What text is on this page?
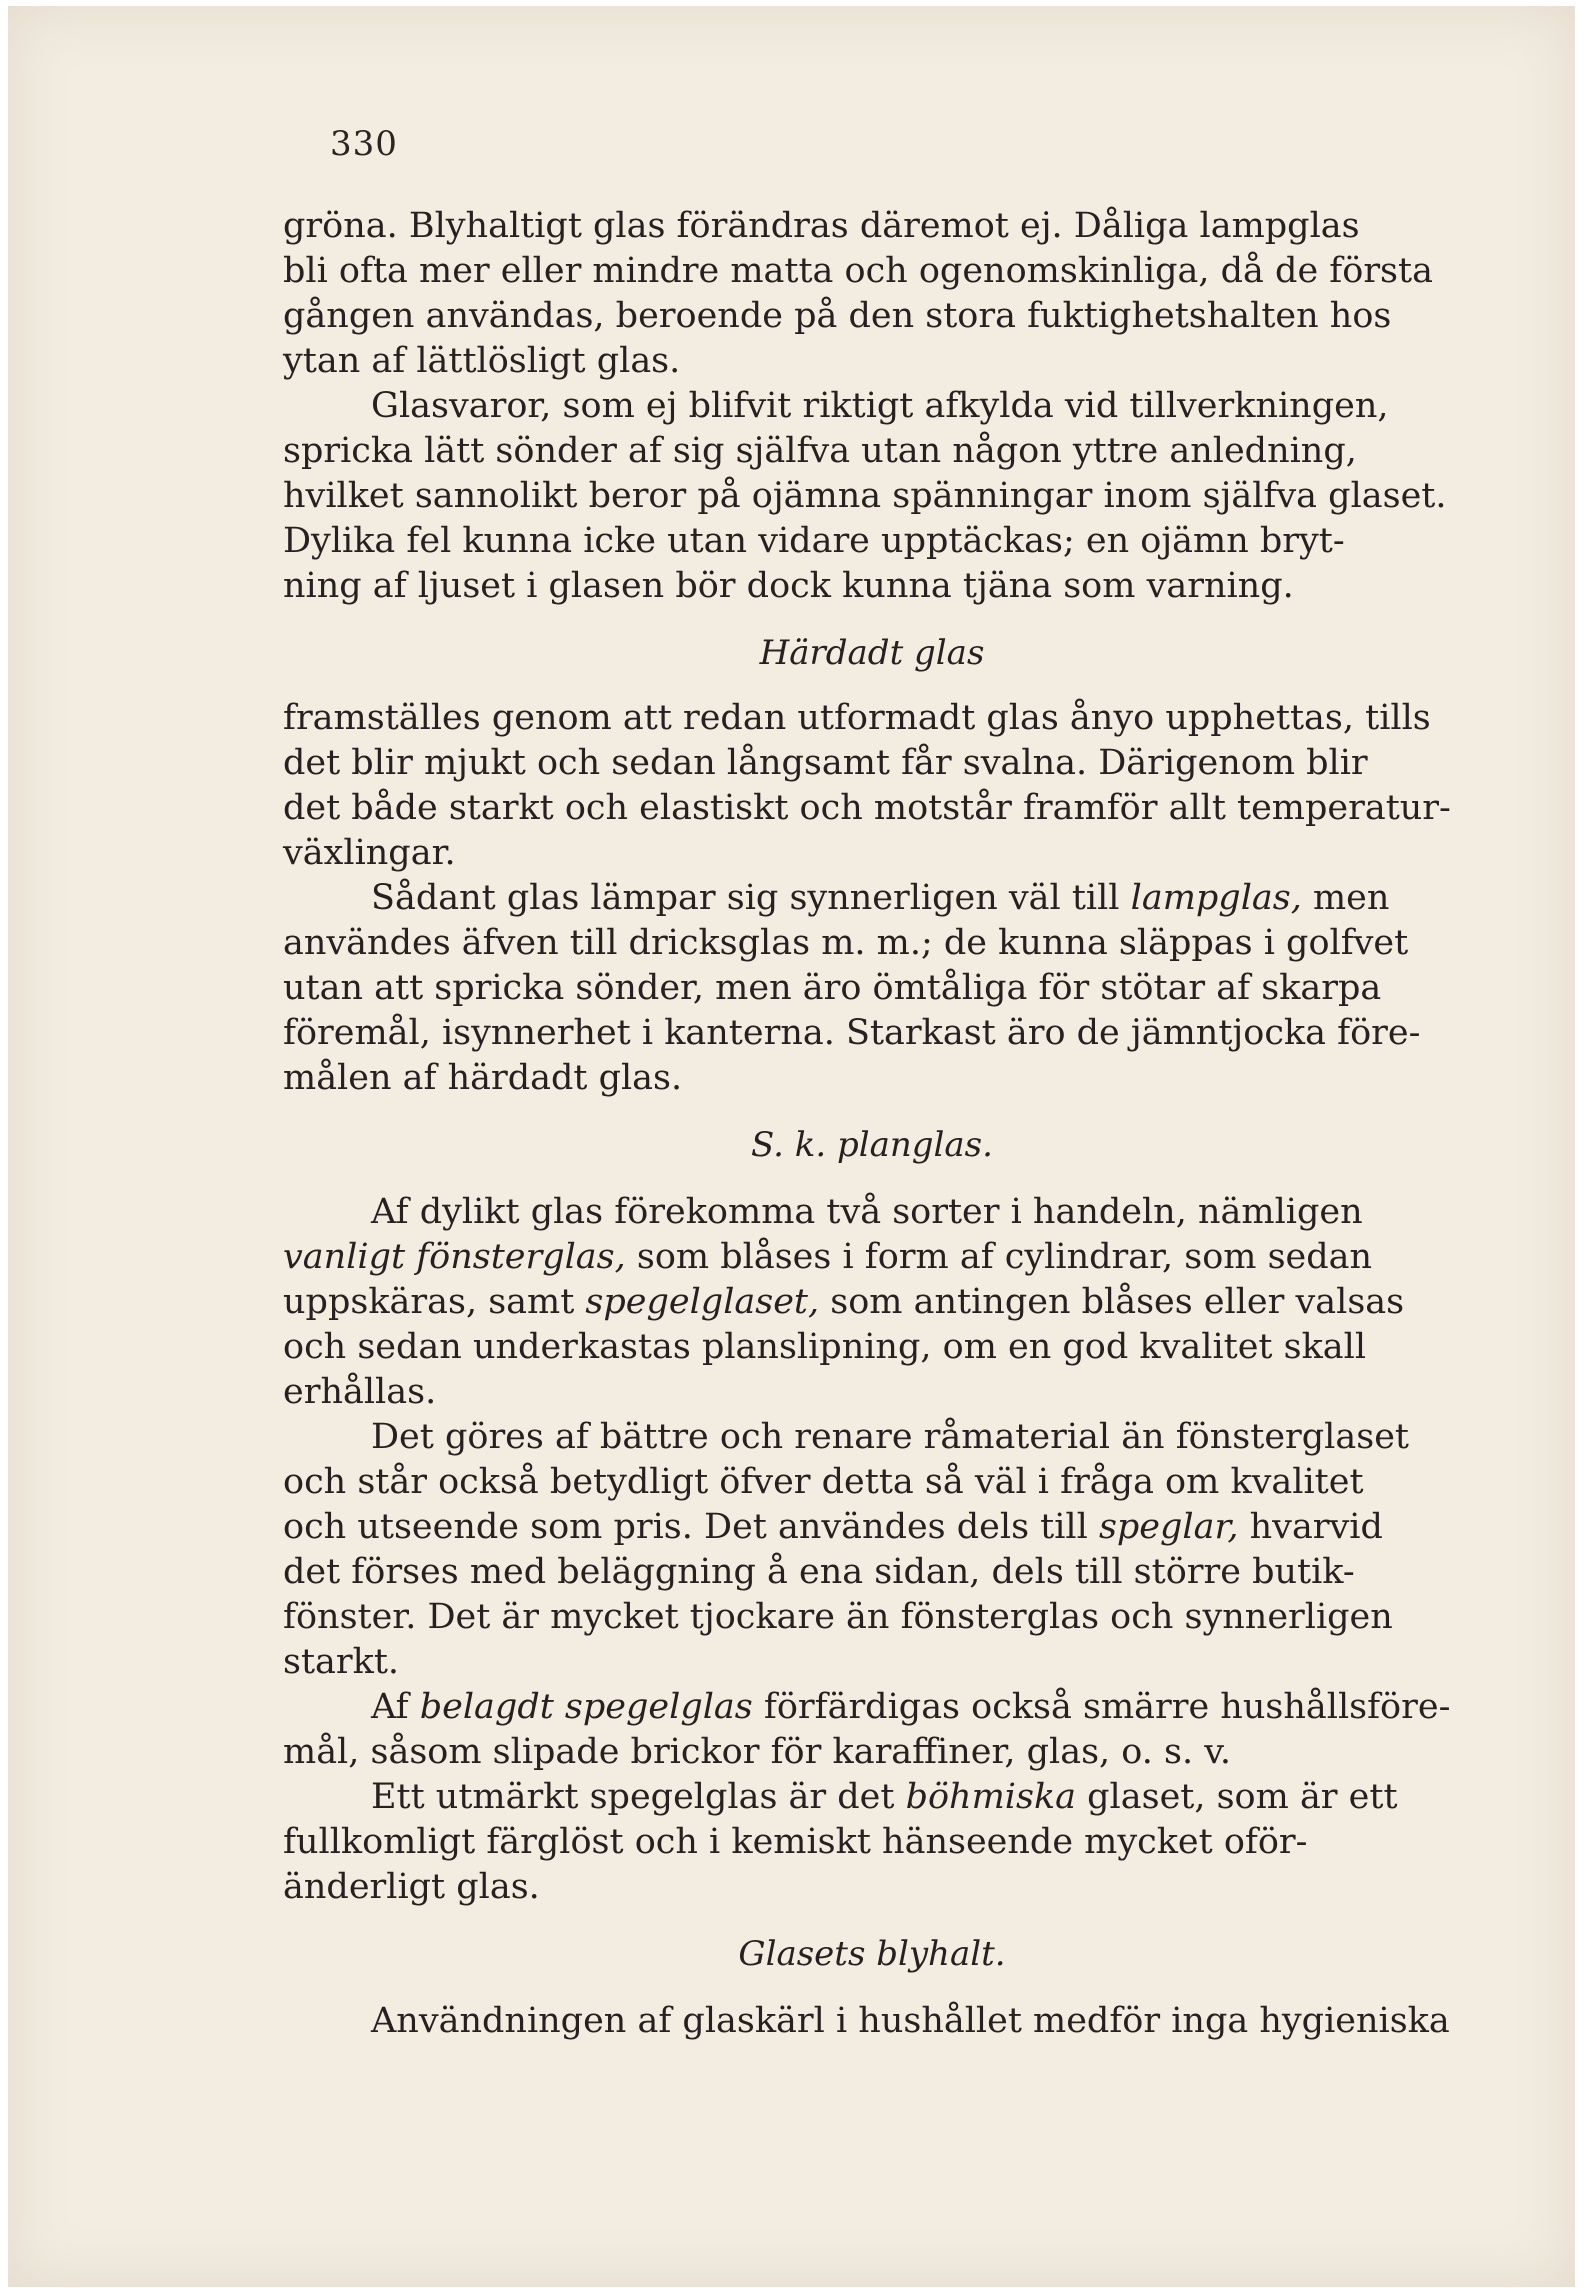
330

gröna. Blyhaltigt glas förändras däremot ej. Dåliga lampglas
bli ofta mer eller mindre matta och ogenomskinliga, då de första
gången användas, beroende på den stora fuktighetshalten hos
ytan af lättlösligt glas.

Glasvaror, som ej blifvit riktigt afkylda vid tillverkningen,
spricka lätt sönder af sig själfva utan någon yttre anledning,
hvilket sannolikt beror på ojämna spänningar inom själfva glaset.
Dylika fel kunna icke utan vidare upptäckas; en ojämn bryt-
ning af ljuset i glasen bör dock kunna tjäna som varning.

Härdadt glas

framställes genom att redan utformadt glas ånyo upphettas, tills
det blir mjukt och sedan långsamt får svalna. Därigenom blir
det både starkt och elastiskt och motstår framför allt temperatur-
växlingar.

Sådant glas lämpar sig synnerligen väl till lampglas, men
användes äfven till dricksglas m. m.; de kunna släppas i golfvet
utan att spricka sönder, men äro ömtåliga för stötar af skarpa
föremål, isynnerhet i kanterna. Starkast äro de jämntjocka före-
målen af härdadt glas.

S. k. planglas.

Af dylikt glas förekomma två sorter i handeln, nämligen
vanligt fönsterglas, som blåses i form af cylindrar, som sedan
uppskäras, samt spegelglaset, som antingen blåses eller valsas
och sedan underkastas planslipning, om en god kvalitet skall
erhållas.

Det göres af bättre och renare råmaterial än fönsterglaset
och står också betydligt öfver detta så väl i fråga om kvalitet
och utseende som pris. Det användes dels till speglar, hvarvid
det förses med beläggning å ena sidan, dels till större butik-
fönster. Det är mycket tjockare än fönsterglas och synnerligen
starkt.

Af belagdt spegelglas förfärdigas också smärre hushållsföre-
mål, såsom slipade brickor för karaffiner, glas, o. s. v.

Ett utmärkt spegelglas är det böhmiska glaset, som är ett
fullkomligt färglöst och i kemiskt hänseende mycket oför-
änderligt glas.

Glasets blyhalt.

Användningen af glaskärl i hushållet medför inga hygieniska
